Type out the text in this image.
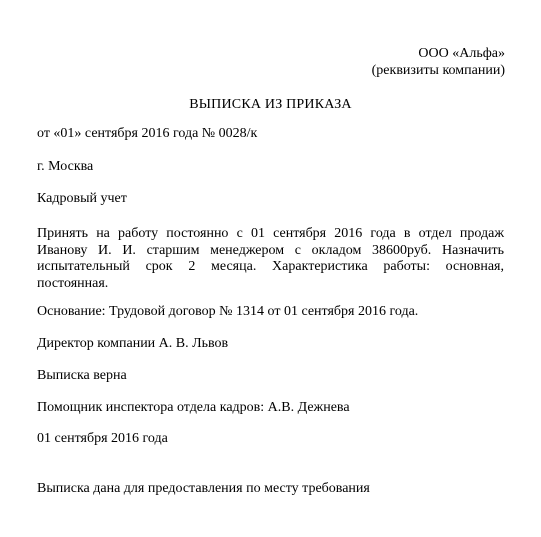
ООО «Альфа»
(реквизиты компании)
ВЫПИСКА ИЗ ПРИКАЗА
от «01» сентября 2016 года № 0028/к
г. Москва
Кадровый учет
Принять на работу постоянно с 01 сентября 2016 года в отдел продаж Иванову И. И. старшим менеджером с окладом 38600руб. Назначить испытательный срок 2 месяца. Характеристика работы: основная, постоянная.
Основание: Трудовой договор № 1314 от 01 сентября 2016 года.
Директор компании А. В. Львов
Выписка верна
Помощник инспектора отдела кадров: А.В. Дежнева
01 сентября 2016 года
Выписка дана для предоставления по месту требования
